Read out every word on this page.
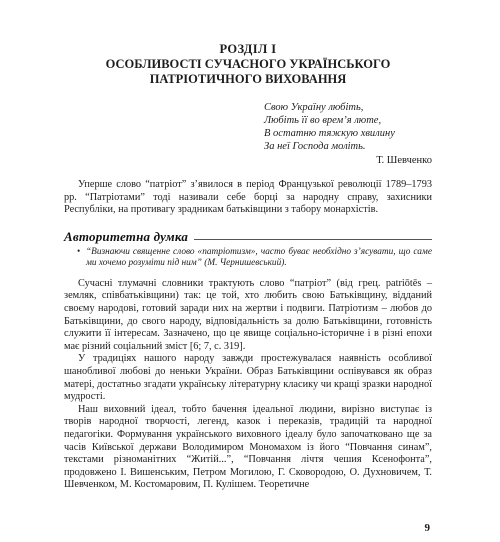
РОЗДІЛ І
ОСОБЛИВОСТІ СУЧАСНОГО УКРАЇНСЬКОГО
ПАТРІОТИЧНОГО ВИХОВАННЯ
Свою Україну любіть,
Любіть її во врем’я люте,
В остатню тяжкую хвилину
За неї Господа моліть.
Т. Шевченко

Уперше слово “патріот” з’явилося в період Французької революції 1789–1793 рр. “Патріотами” тоді називали себе борці за народну справу, захисники Республіки, на противагу зрадникам батьківщини з табору монархістів.

Авторитетна думка
• “Визнаючи священне слово «патріотизм», часто буває необхідно з’ясувати, що саме ми хочемо розуміти під ним” (М. Чернишевський).

Сучасні тлумачні словники трактують слово “патріот” (від грец. patriōtēs – земляк, співбатьківщини) так: це той, хто любить свою Батьківщину, відданий своєму народові, готовий заради них на жертви і подвиги. Патріотизм – любов до Батьківщини, до свого народу, відповідальність за долю Батьківщини, готовність служити її інтересам. Зазначено, що це явище соціально-історичне і в різні епохи має різний соціальний зміст [6; 7, с. 319].

У традиціях нашого народу завжди простежувалася наявність особливої шанобливої любові до неньки України. Образ Батьківщини оспівувався як образ матері, достатньо згадати українську літературну класику чи кращі зразки народної мудрості.

Наш виховний ідеал, тобто бачення ідеальної людини, вирізно виступає із творів народної творчості, легенд, казок і переказів, традицій та народної педагогіки. Формування українського виховного ідеалу було започатковано ще за часів Київської держави Володимиром Мономахом із його “Повчання синам”, текстами різноманітних “Житій...”, “Повчання лічтя чешия Ксенофонта”, продовжено І. Вишенським, Петром Могилою, Г. Сковородою, О. Духновичем, Т. Шевченком, М. Костомаровим, П. Кулішем. Теоретичне

9
